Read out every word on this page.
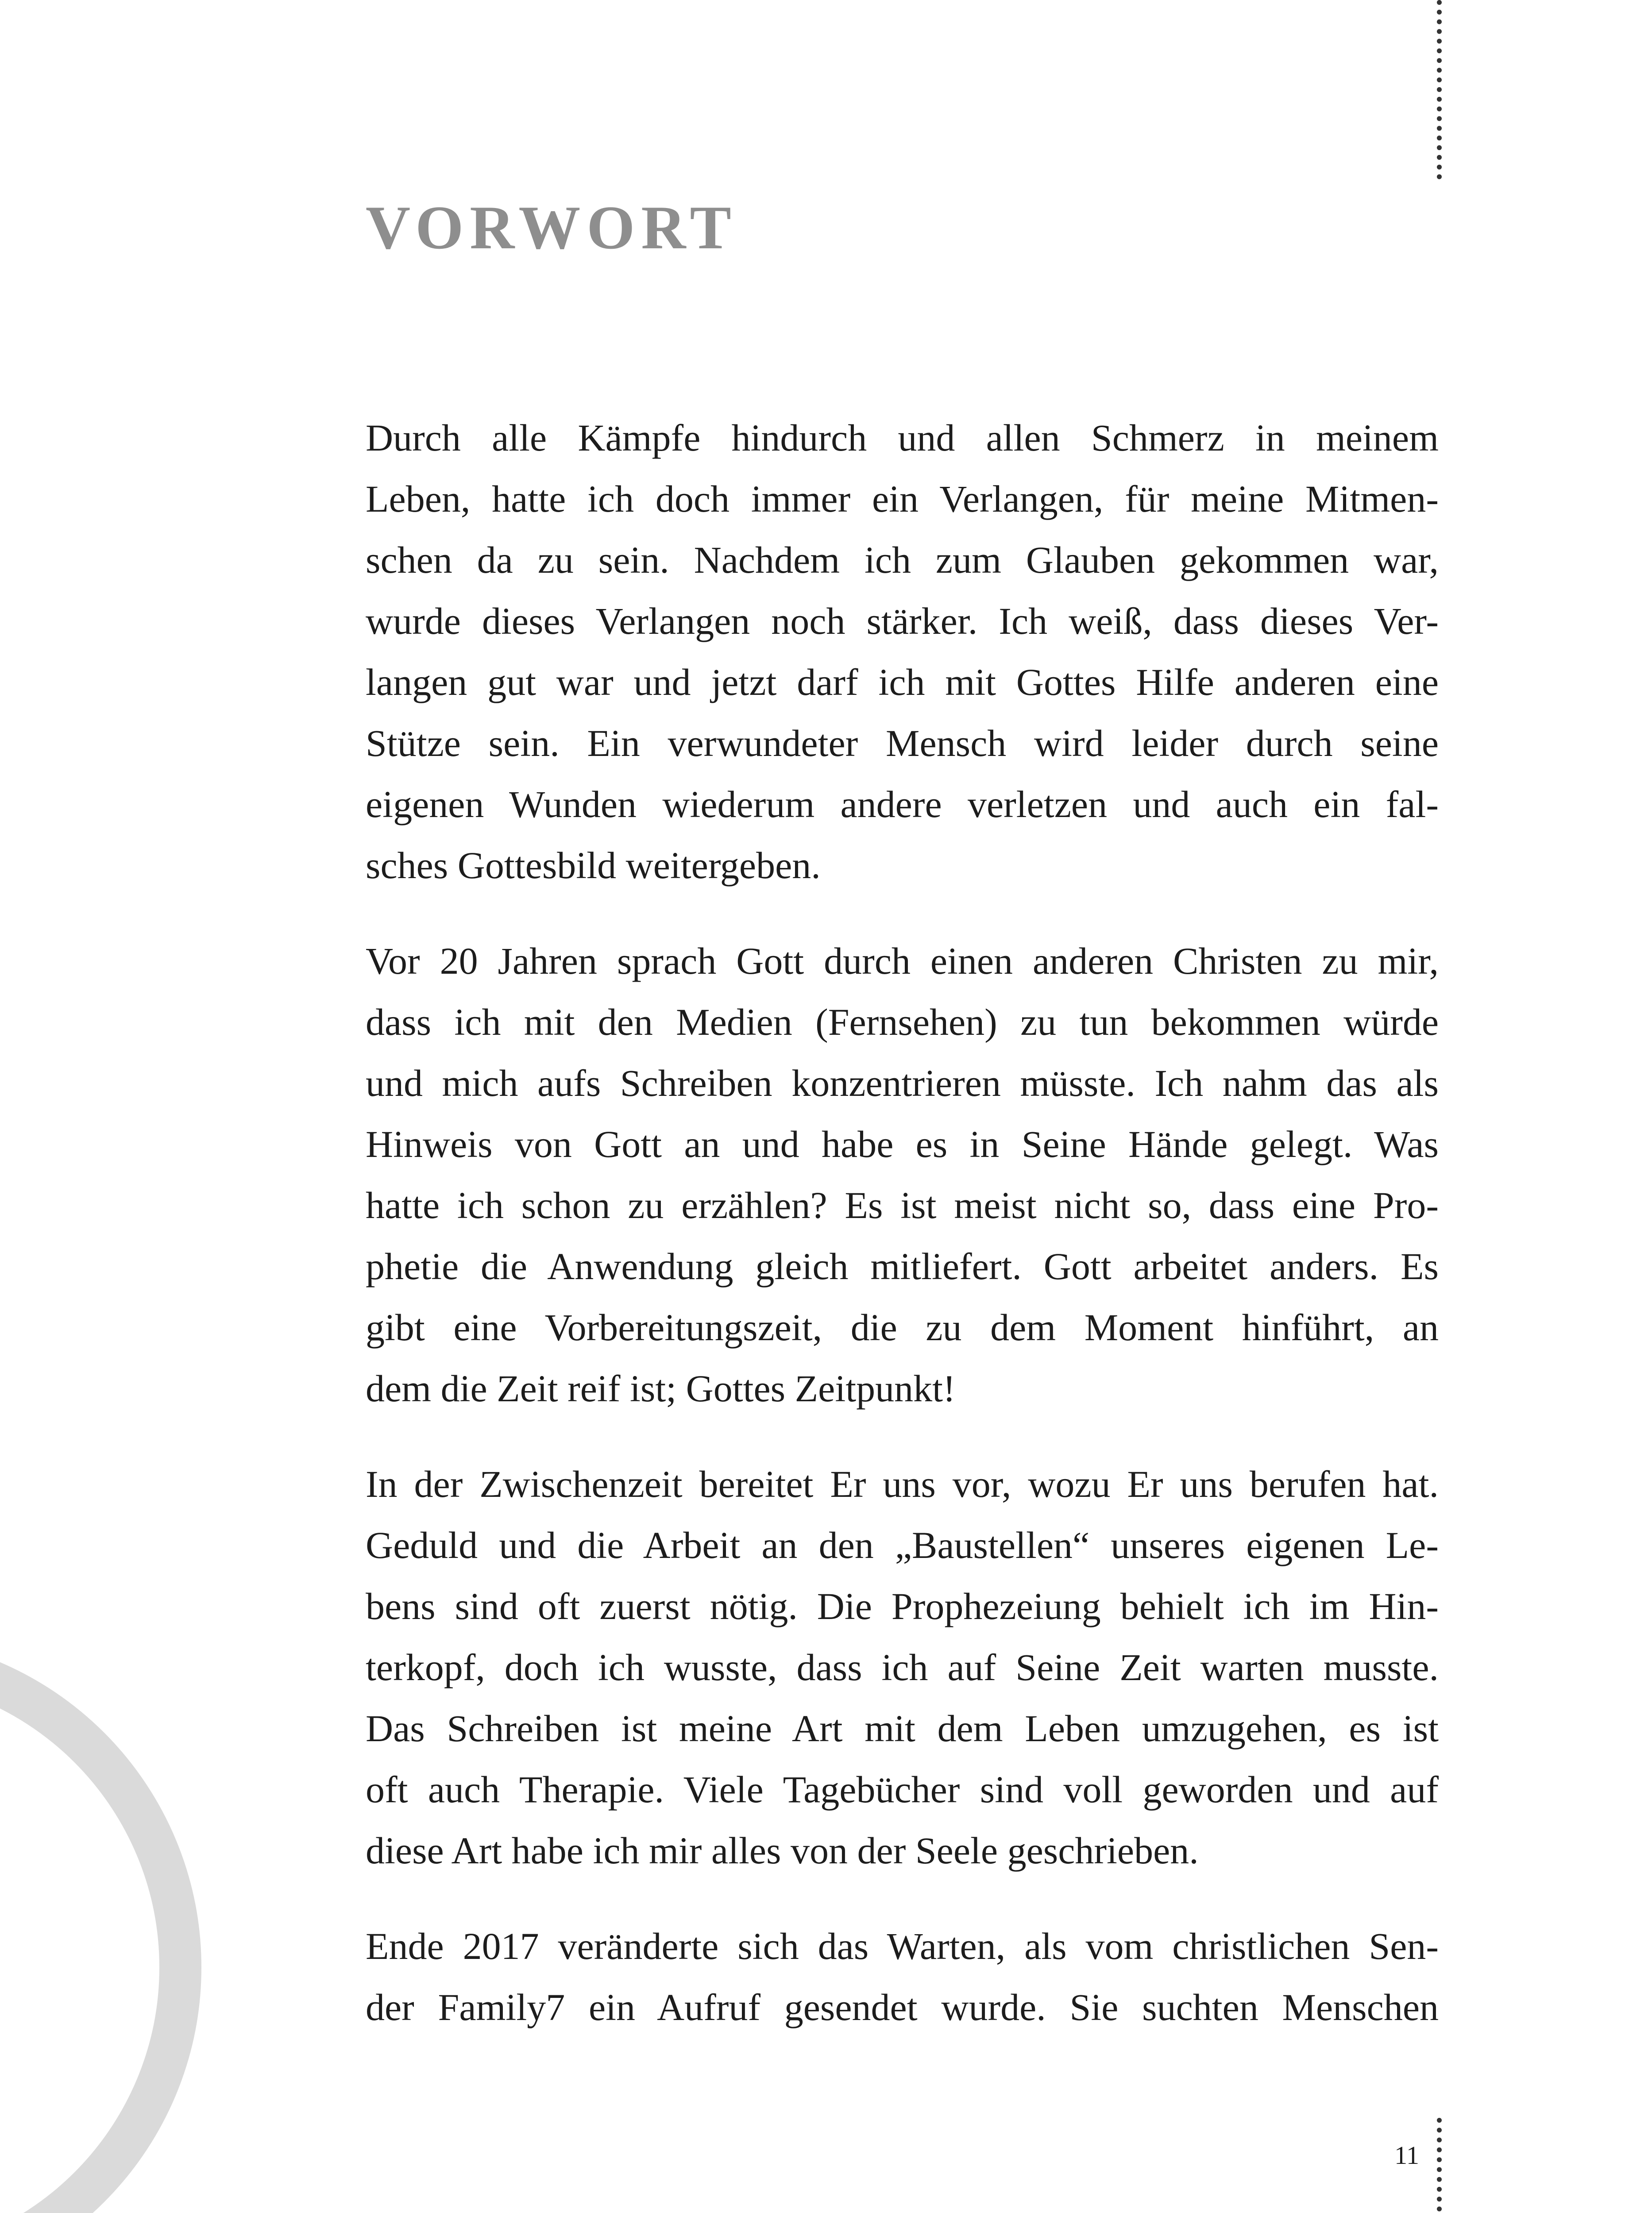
VORWORT
Durch alle Kämpfe hindurch und allen Schmerz in meinem
Leben, hatte ich doch immer ein Verlangen, für meine Mitmen-
schen da zu sein. Nachdem ich zum Glauben gekommen war,
wurde dieses Verlangen noch stärker. Ich weiß, dass dieses Ver-
langen gut war und jetzt darf ich mit Gottes Hilfe anderen eine
Stütze sein. Ein verwundeter Mensch wird leider durch seine
eigenen Wunden wiederum andere verletzen und auch ein fal-
sches Gottesbild weitergeben.
Vor 20 Jahren sprach Gott durch einen anderen Christen zu mir,
dass ich mit den Medien (Fernsehen) zu tun bekommen würde
und mich aufs Schreiben konzentrieren müsste. Ich nahm das als
Hinweis von Gott an und habe es in Seine Hände gelegt. Was
hatte ich schon zu erzählen? Es ist meist nicht so, dass eine Pro-
phetie die Anwendung gleich mitliefert. Gott arbeitet anders. Es
gibt eine Vorbereitungszeit, die zu dem Moment hinführt, an
dem die Zeit reif ist; Gottes Zeitpunkt!
In der Zwischenzeit bereitet Er uns vor, wozu Er uns berufen hat.
Geduld und die Arbeit an den „Baustellen“ unseres eigenen Le-
bens sind oft zuerst nötig. Die Prophezeiung behielt ich im Hin-
terkopf, doch ich wusste, dass ich auf Seine Zeit warten musste.
Das Schreiben ist meine Art mit dem Leben umzugehen, es ist
oft auch Therapie. Viele Tagebücher sind voll geworden und auf
diese Art habe ich mir alles von der Seele geschrieben.
Ende 2017 veränderte sich das Warten, als vom christlichen Sen-
der Family7 ein Aufruf gesendet wurde. Sie suchten Menschen
11
